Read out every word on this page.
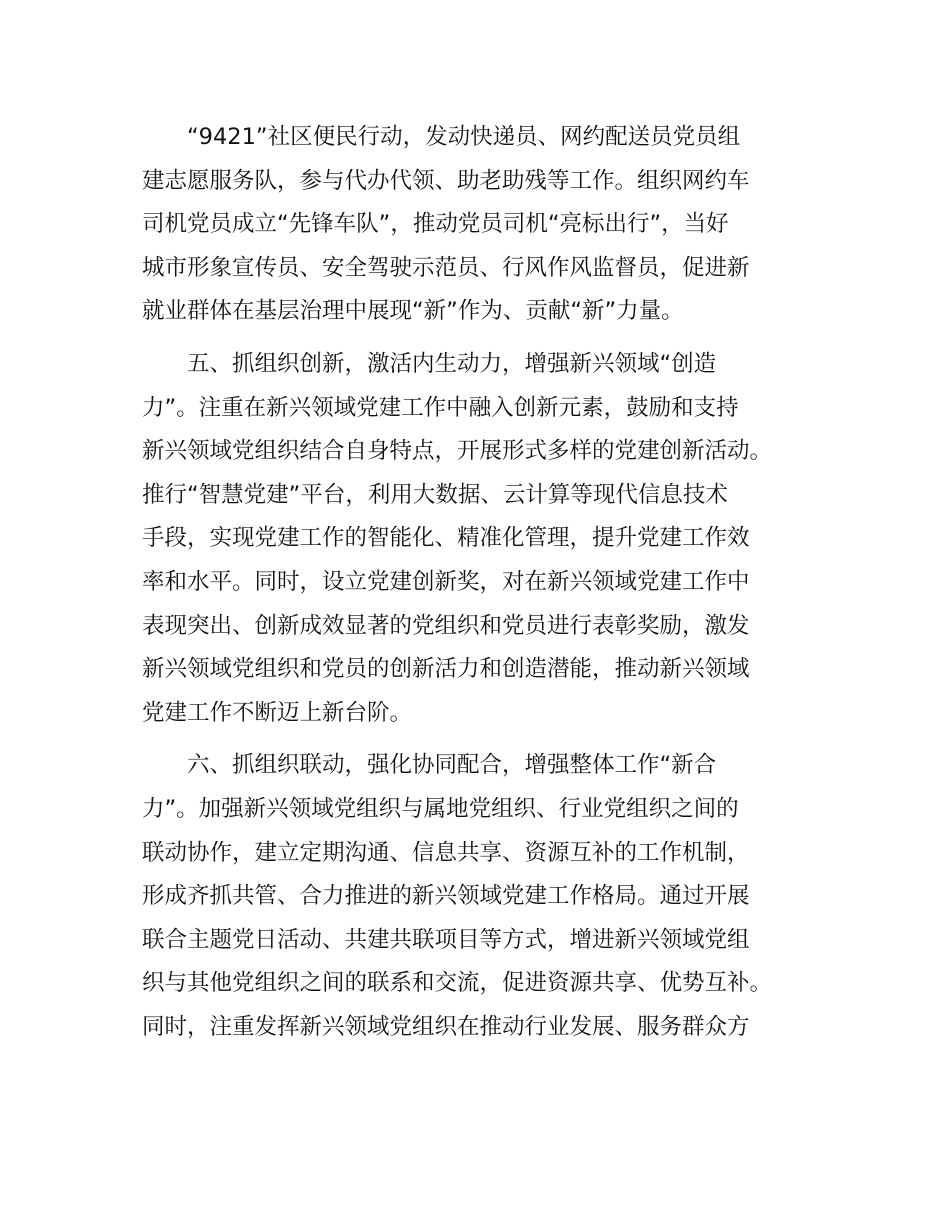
“9421”社区便民行动，发动快递员、网约配送员党员组
建志愿服务队，参与代办代领、助老助残等工作。组织网约车
司机党员成立“先锋车队”，推动党员司机“亮标出行”，当好
城市形象宣传员、安全驾驶示范员、行风作风监督员，促进新
就业群体在基层治理中展现“新”作为、贡献“新”力量。

五、抓组织创新，激活内生动力，增强新兴领域“创造
力”。注重在新兴领域党建工作中融入创新元素，鼓励和支持
新兴领域党组织结合自身特点，开展形式多样的党建创新活动。
推行“智慧党建”平台，利用大数据、云计算等现代信息技术
手段，实现党建工作的智能化、精准化管理，提升党建工作效
率和水平。同时，设立党建创新奖，对在新兴领域党建工作中
表现突出、创新成效显著的党组织和党员进行表彰奖励，激发
新兴领域党组织和党员的创新活力和创造潜能，推动新兴领域
党建工作不断迈上新台阶。

六、抓组织联动，强化协同配合，增强整体工作“新合
力”。加强新兴领域党组织与属地党组织、行业党组织之间的
联动协作，建立定期沟通、信息共享、资源互补的工作机制，
形成齐抓共管、合力推进的新兴领域党建工作格局。通过开展
联合主题党日活动、共建共联项目等方式，增进新兴领域党组
织与其他党组织之间的联系和交流，促进资源共享、优势互补。
同时，注重发挥新兴领域党组织在推动行业发展、服务群众方
